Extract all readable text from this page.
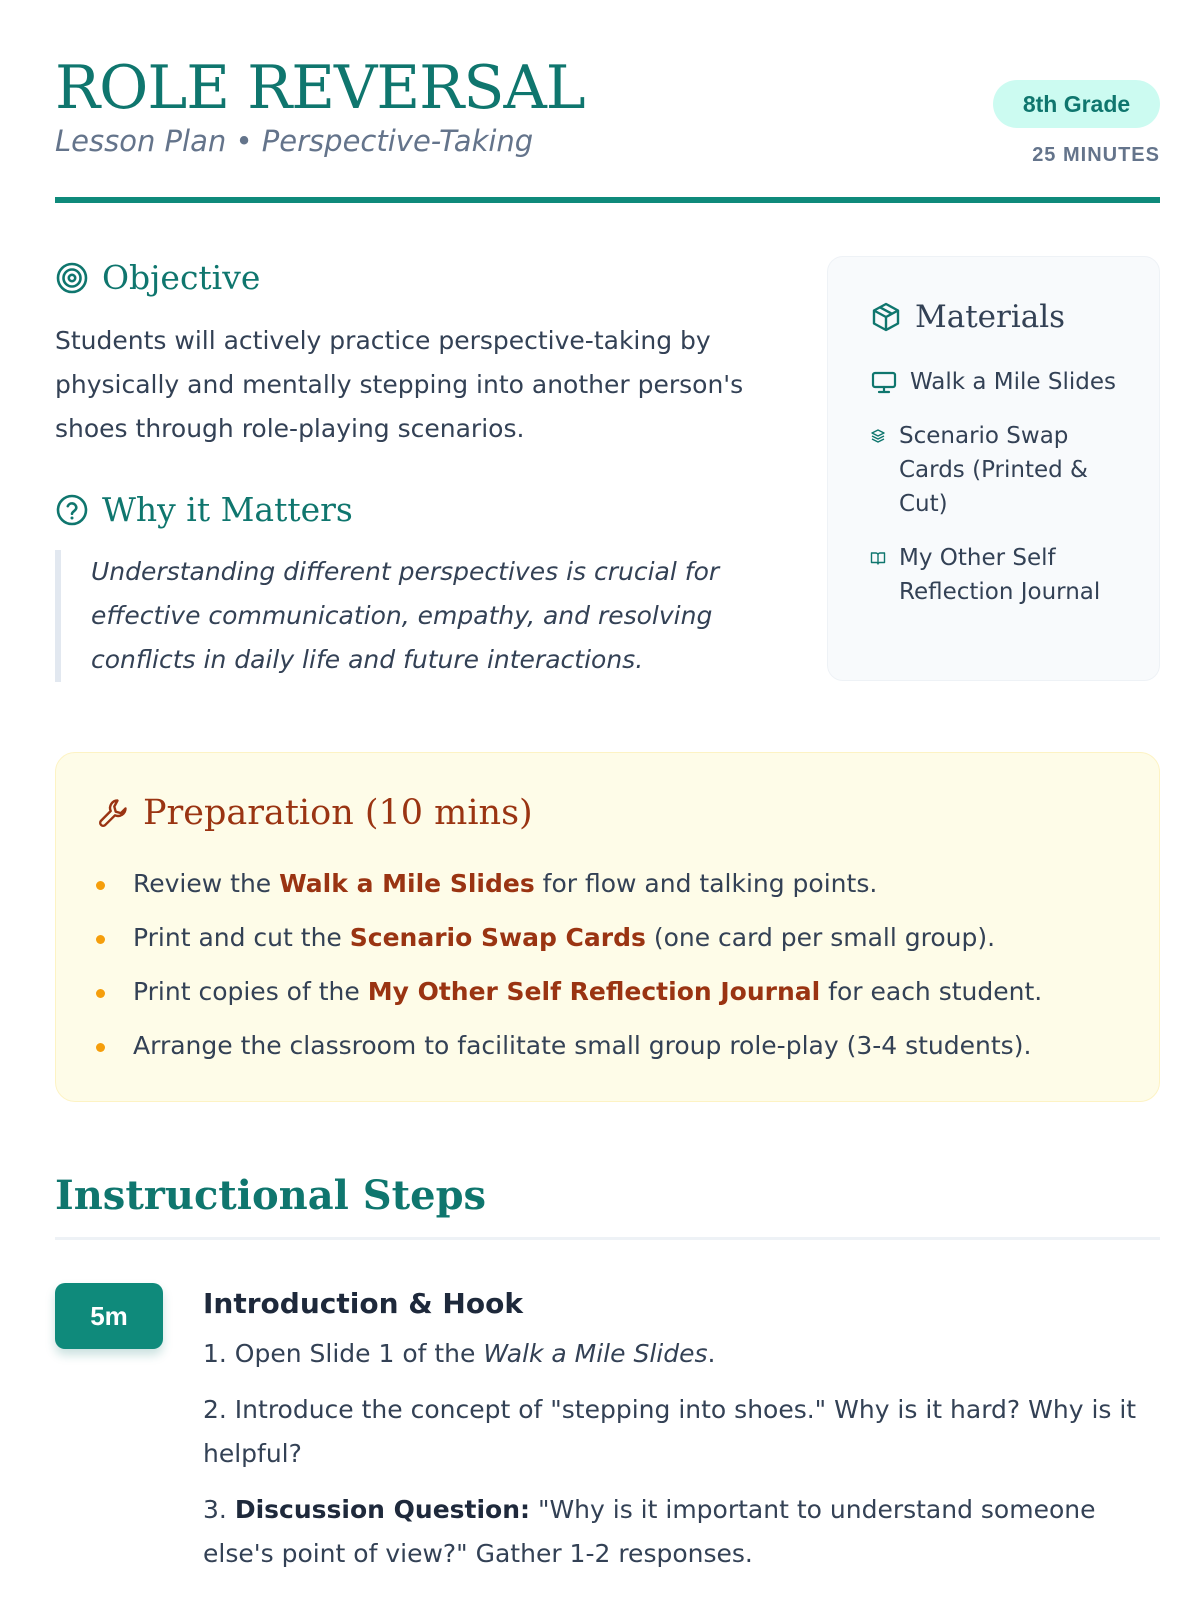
ROLE REVERSAL
Lesson Plan • Perspective-Taking
8th Grade
25 MINUTES
Objective

Students will actively practice perspective-taking by physically and mentally stepping into another person's shoes through role-playing scenarios.

Why it Matters
Understanding different perspectives is crucial for effective communication, empathy, and resolving conflicts in daily life and future interactions.
Materials
Walk a Mile Slides
Scenario Swap Cards (Printed & Cut)
My Other Self Reflection Journal
Preparation (10 mins)
Review the Walk a Mile Slides for flow and talking points.
Print and cut the Scenario Swap Cards (one card per small group).
Print copies of the My Other Self Reflection Journal for each student.
Arrange the classroom to facilitate small group role-play (3-4 students).
Instructional Steps
5m	Introduction & Hook

1. Open Slide 1 of the Walk a Mile Slides.

2. Introduce the concept of "stepping into shoes." Why is it hard? Why is it helpful?

3. Discussion Question: "Why is it important to understand someone else's point of view?" Gather 1-2 responses.
